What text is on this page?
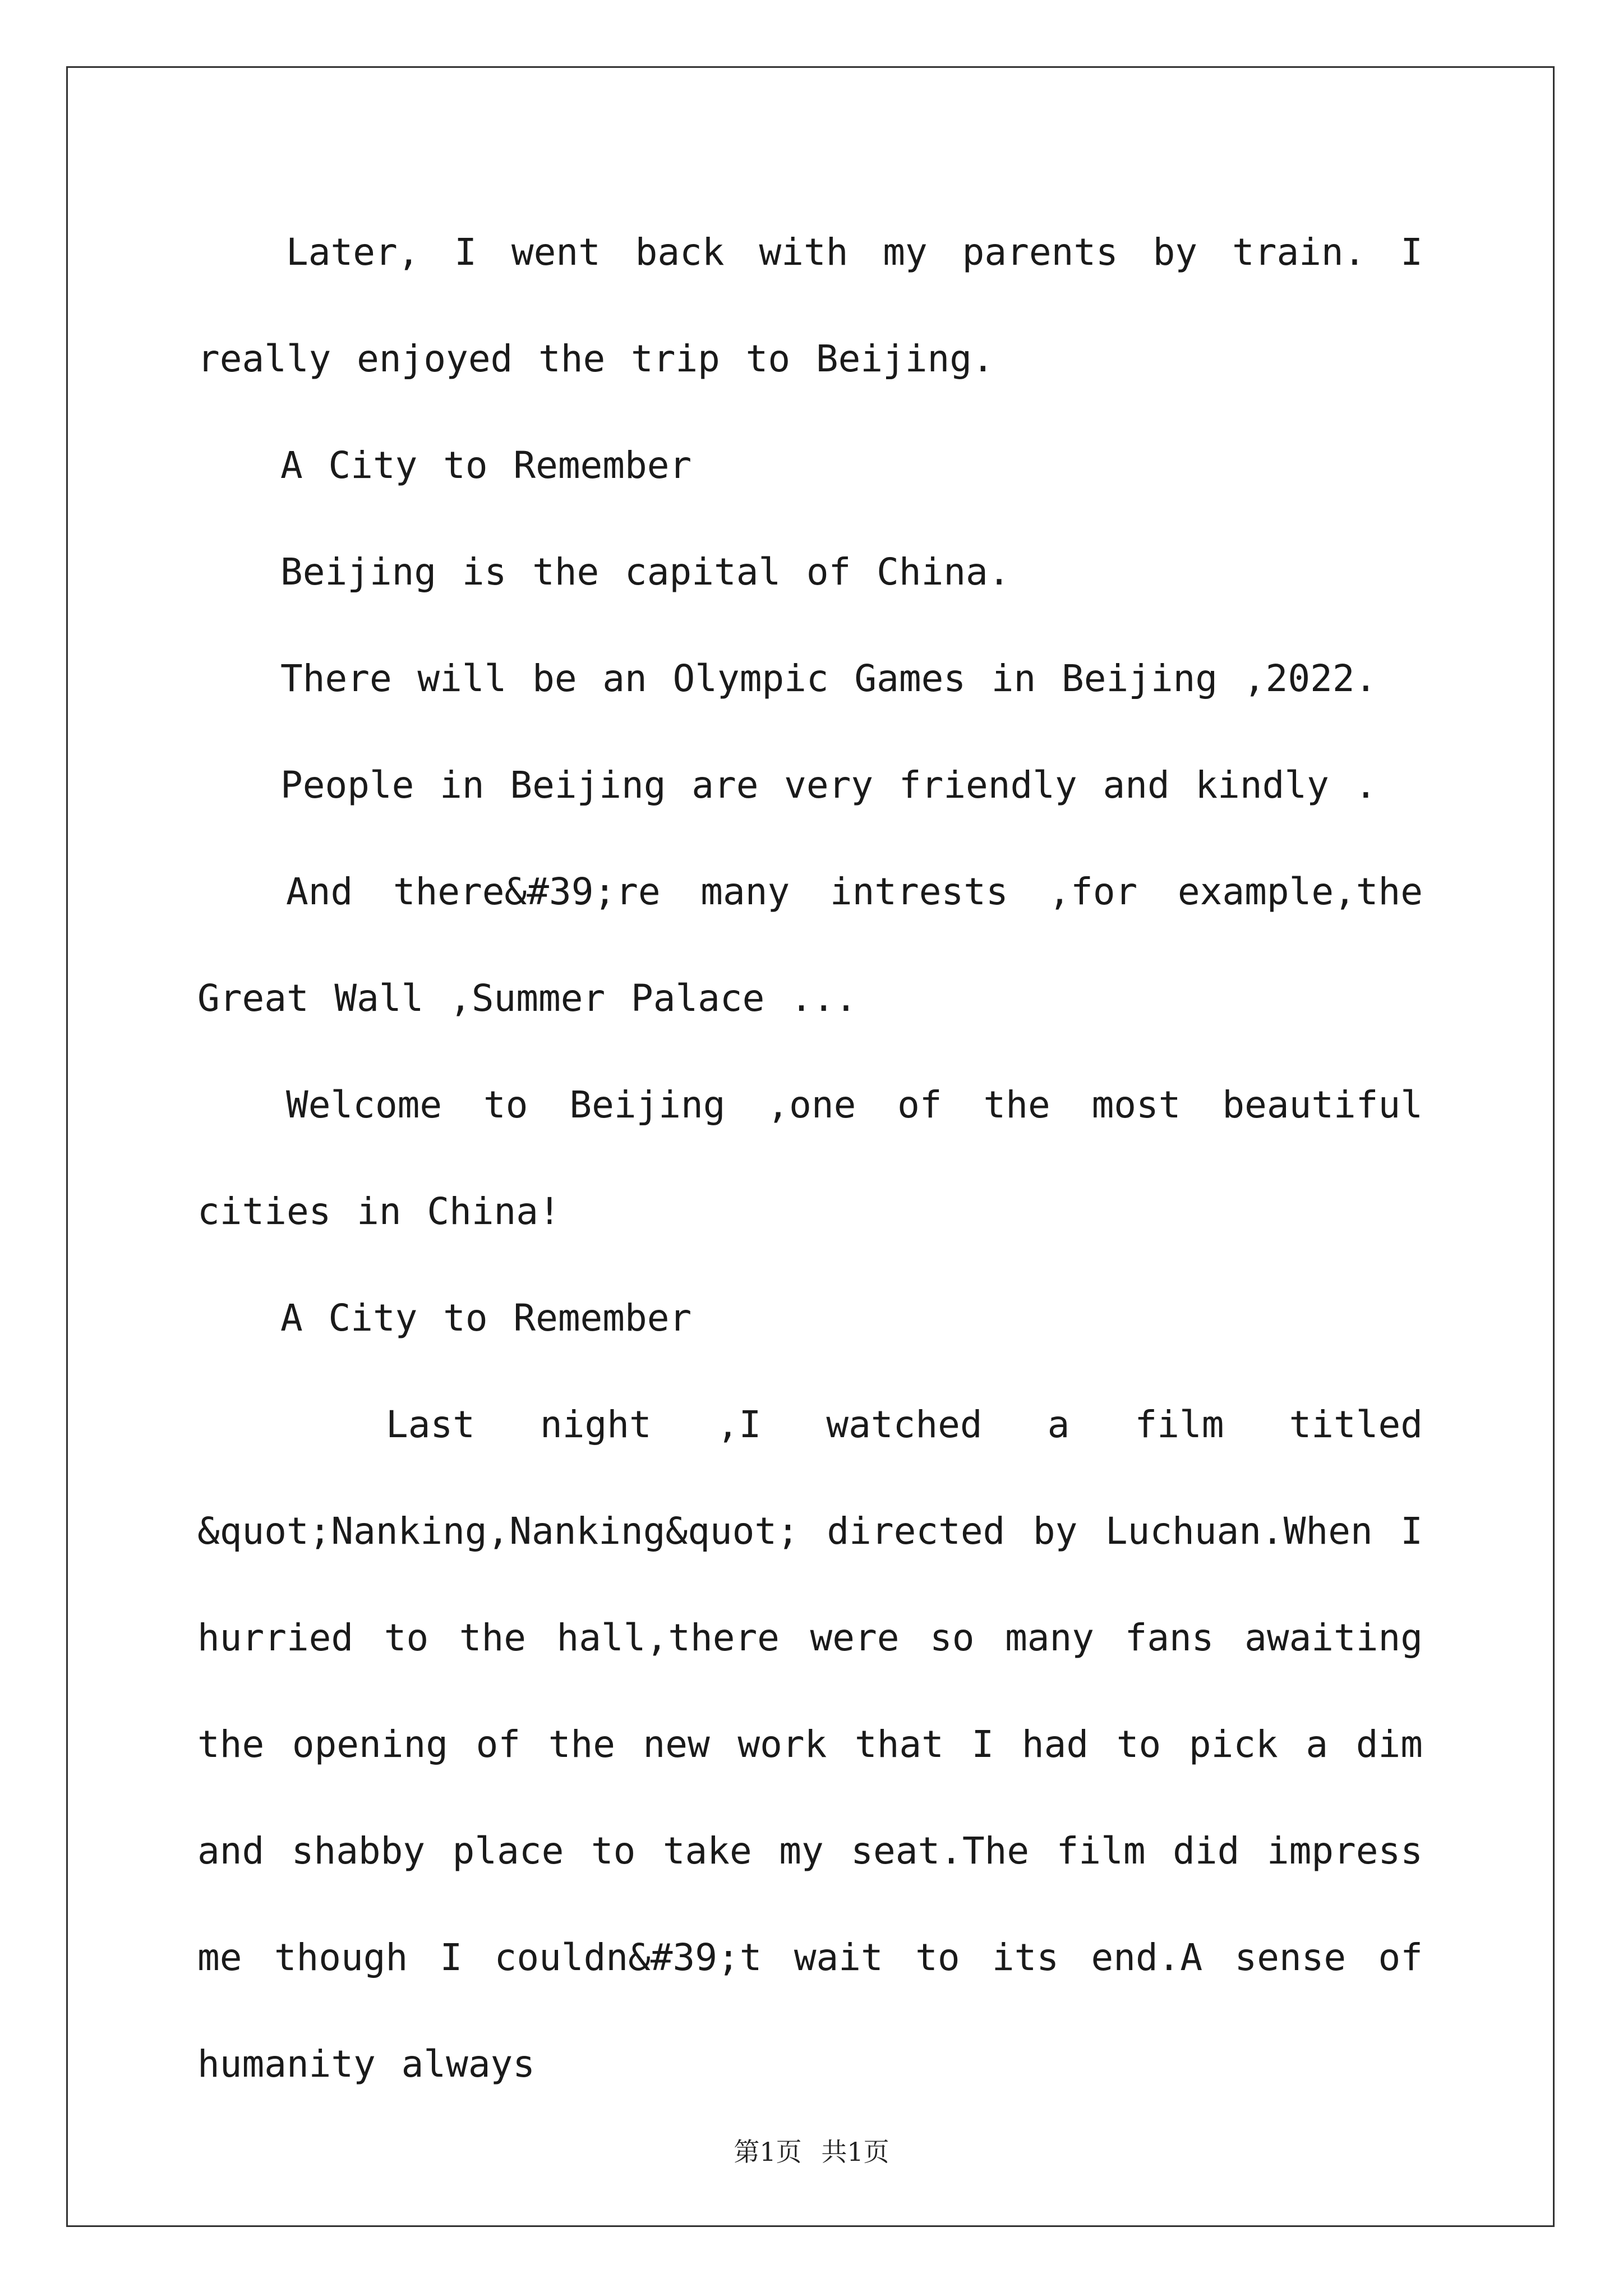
Later, I went back with my parents by train. I really enjoyed the trip to Beijing.

A City to Remember

Beijing is the capital of China.

There will be an Olympic Games in Beijing ,2022.

People in Beijing are very friendly and kindly .

And there&#39;re many intrests ,for example,the Great Wall ,Summer Palace ...

Welcome to Beijing ,one of the most beautiful cities in China!

A City to Remember

Last night ,I watched a film titled &quot;Nanking,Nanking&quot; directed by Luchuan.When I hurried to the hall,there were so many fans awaiting the opening of the new work that I had to pick a dim and shabby place to take my seat.The film did impress me though I couldn&#39;t wait to its end.A sense of humanity always

第1页 共1页
